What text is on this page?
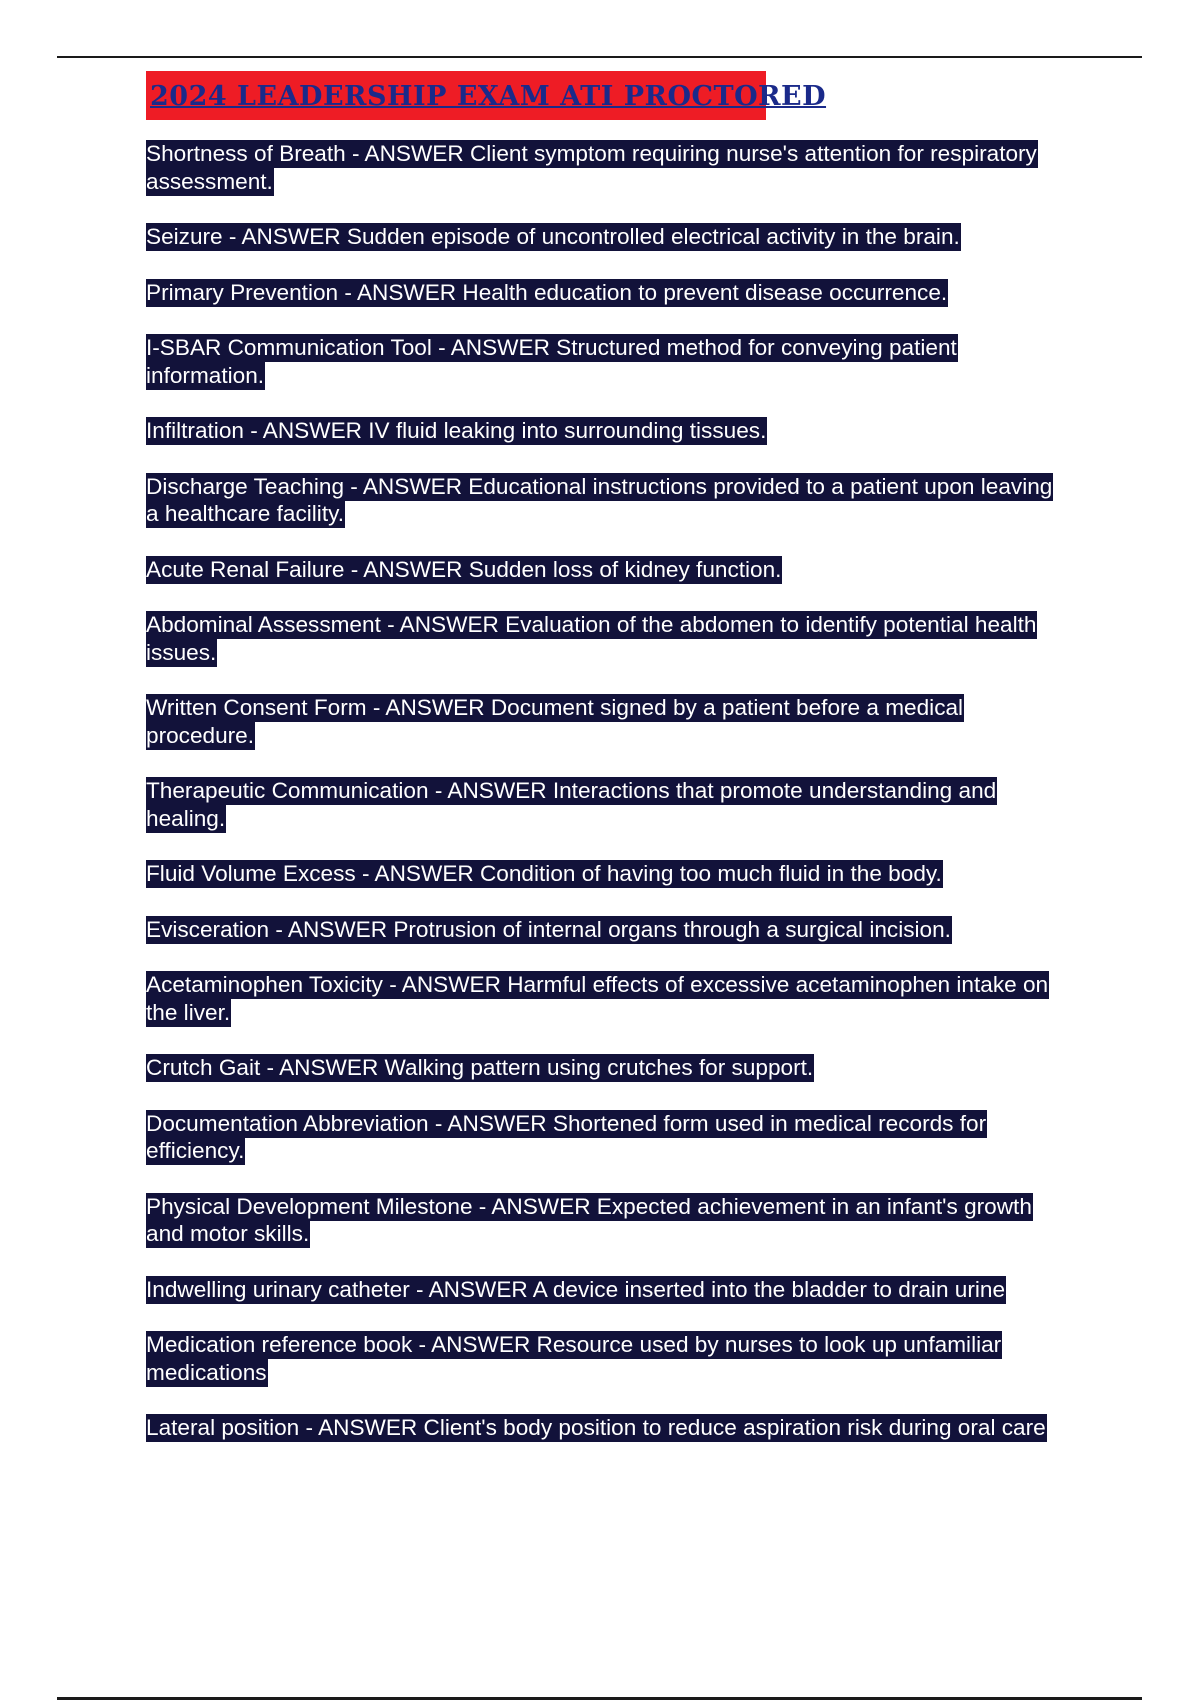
2024 LEADERSHIP EXAM ATI PROCTORED

Shortness of Breath - ANSWER Client symptom requiring nurse's attention for respiratory assessment.

Seizure - ANSWER Sudden episode of uncontrolled electrical activity in the brain.

Primary Prevention - ANSWER Health education to prevent disease occurrence.

I-SBAR Communication Tool - ANSWER Structured method for conveying patient information.

Infiltration - ANSWER IV fluid leaking into surrounding tissues.

Discharge Teaching - ANSWER Educational instructions provided to a patient upon leaving a healthcare facility.

Acute Renal Failure - ANSWER Sudden loss of kidney function.

Abdominal Assessment - ANSWER Evaluation of the abdomen to identify potential health issues.

Written Consent Form - ANSWER Document signed by a patient before a medical procedure.

Therapeutic Communication - ANSWER Interactions that promote understanding and healing.

Fluid Volume Excess - ANSWER Condition of having too much fluid in the body.

Evisceration - ANSWER Protrusion of internal organs through a surgical incision.

Acetaminophen Toxicity - ANSWER Harmful effects of excessive acetaminophen intake on the liver.

Crutch Gait - ANSWER Walking pattern using crutches for support.

Documentation Abbreviation - ANSWER Shortened form used in medical records for efficiency.

Physical Development Milestone - ANSWER Expected achievement in an infant's growth and motor skills.

Indwelling urinary catheter - ANSWER A device inserted into the bladder to drain urine

Medication reference book - ANSWER Resource used by nurses to look up unfamiliar medications

Lateral position - ANSWER Client's body position to reduce aspiration risk during oral care
